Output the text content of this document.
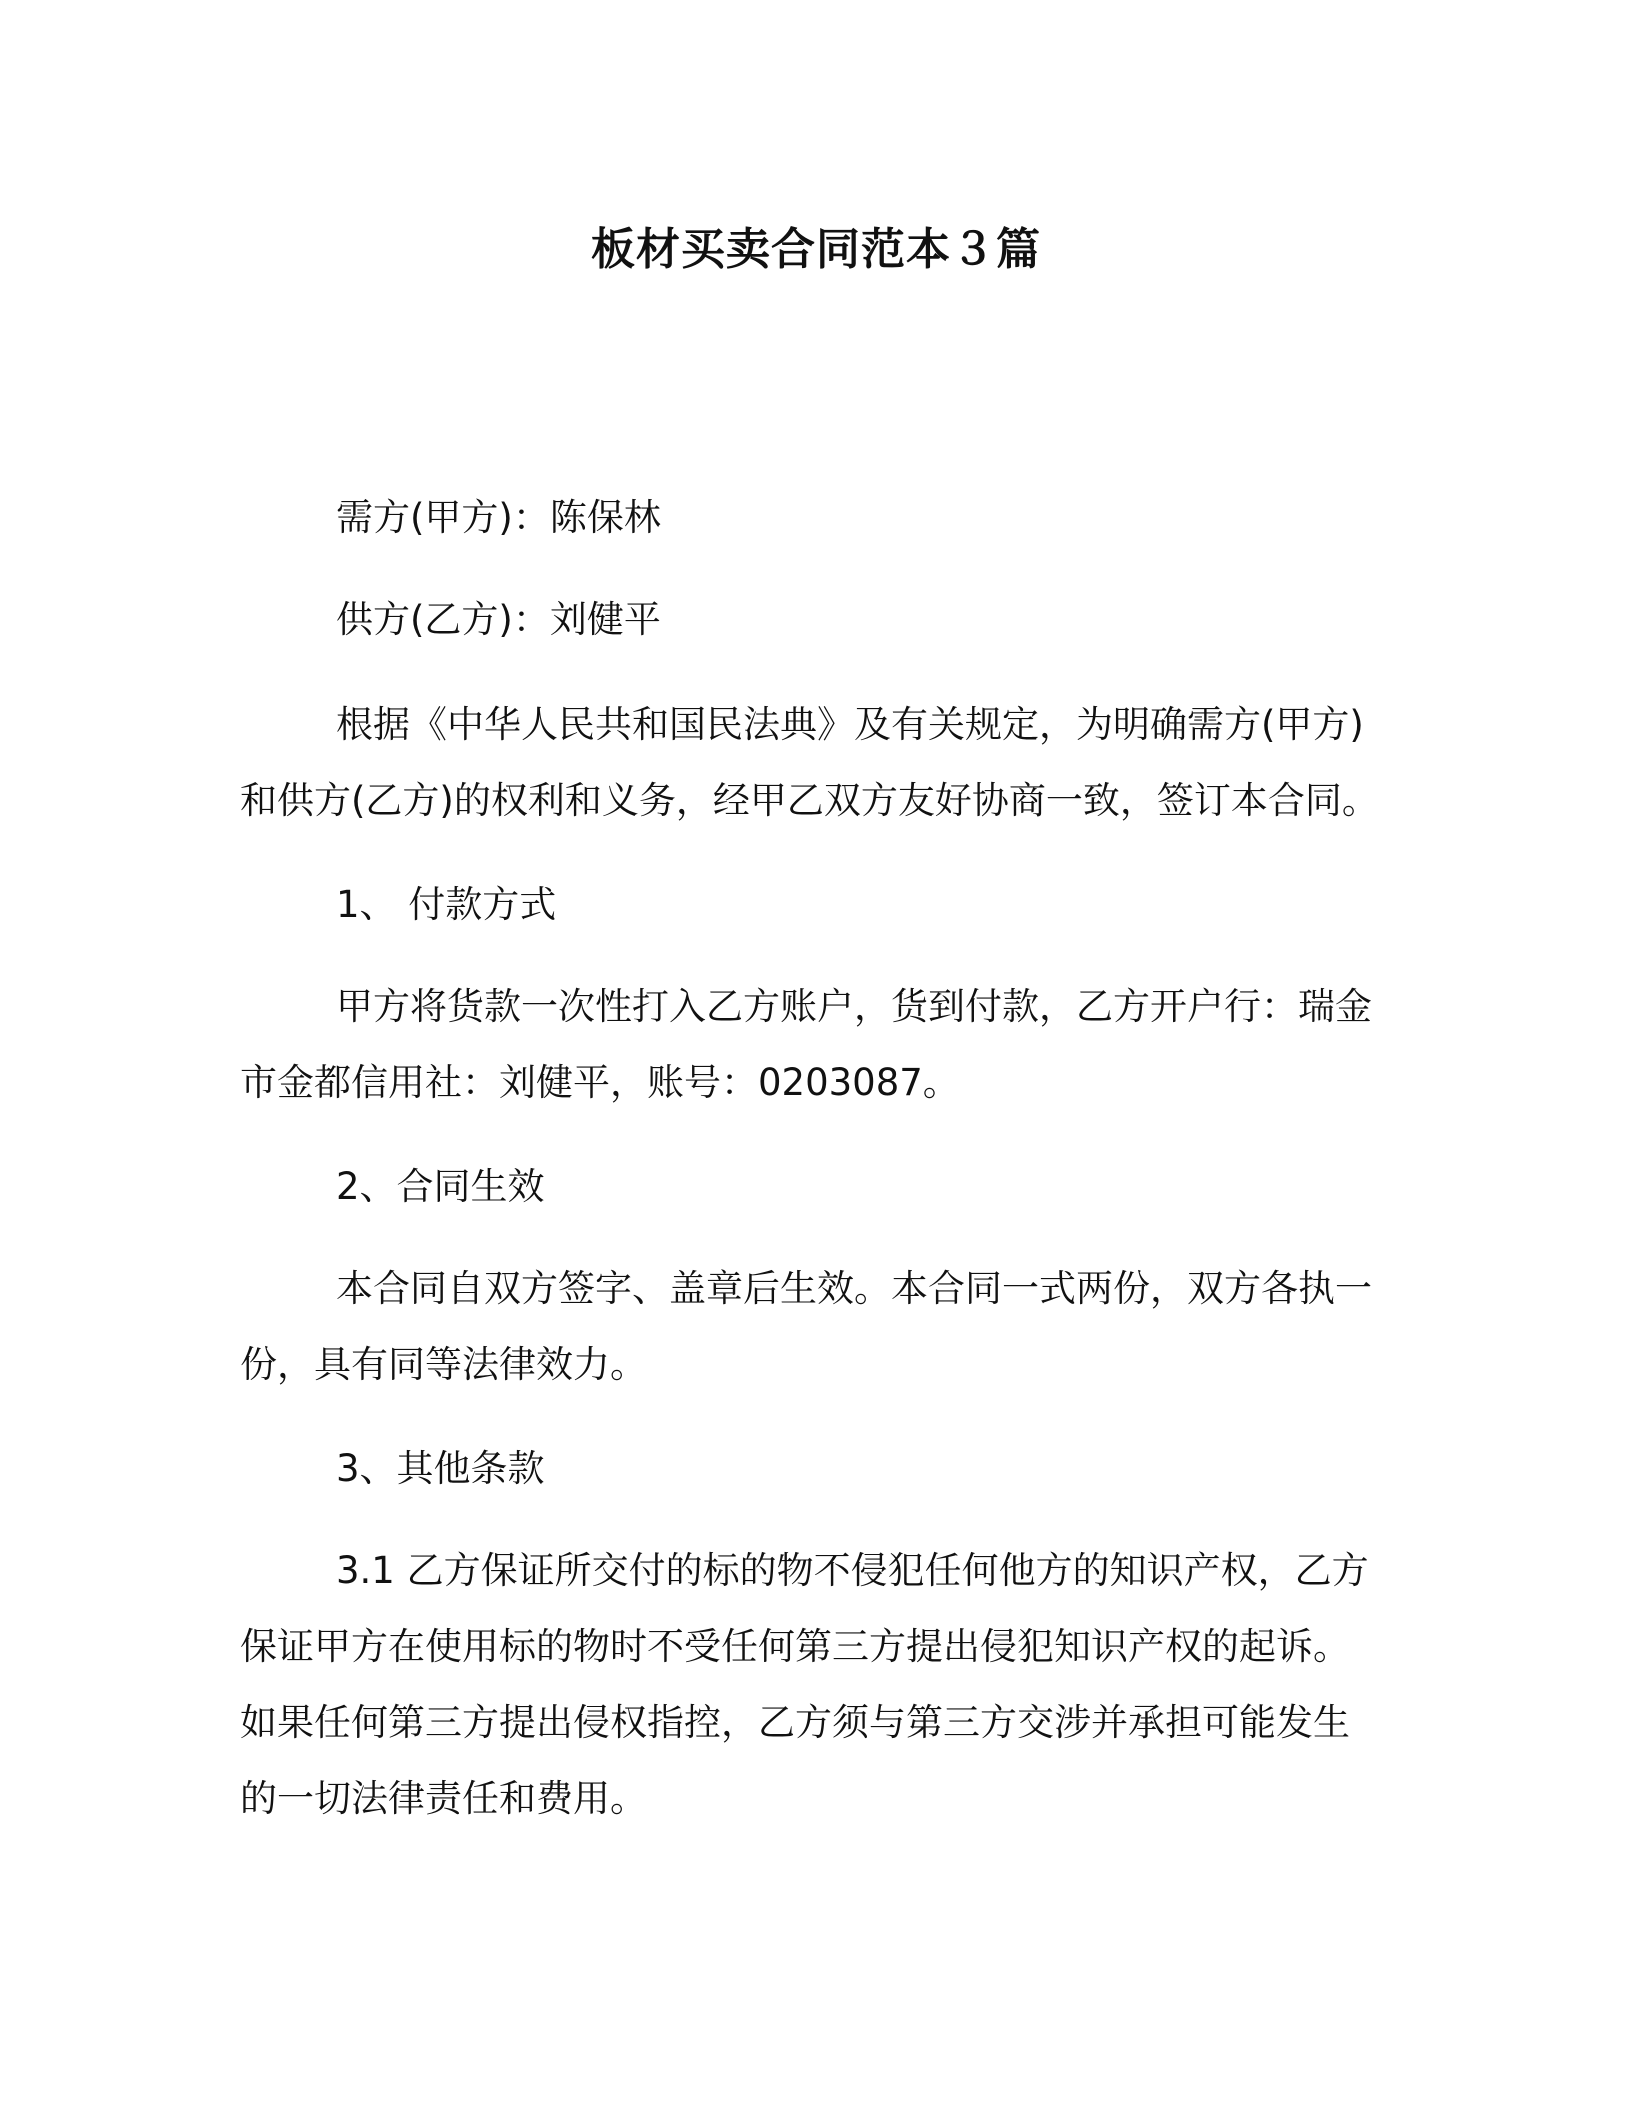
板材买卖合同范本３篇

需方(甲方)：陈保林

供方(乙方)：刘健平

根据《中华人民共和国民法典》及有关规定，为明确需方(甲方)
和供方(乙方)的权利和义务，经甲乙双方友好协商一致，签订本合同。

1、 付款方式

甲方将货款一次性打入乙方账户，货到付款，乙方开户行：瑞金
市金都信用社：刘健平，账号：0203087。

2、合同生效

本合同自双方签字、盖章后生效。本合同一式两份，双方各执一
份，具有同等法律效力。

3、其他条款

3.1 乙方保证所交付的标的物不侵犯任何他方的知识产权，乙方
保证甲方在使用标的物时不受任何第三方提出侵犯知识产权的起诉。
如果任何第三方提出侵权指控，乙方须与第三方交涉并承担可能发生
的一切法律责任和费用。
